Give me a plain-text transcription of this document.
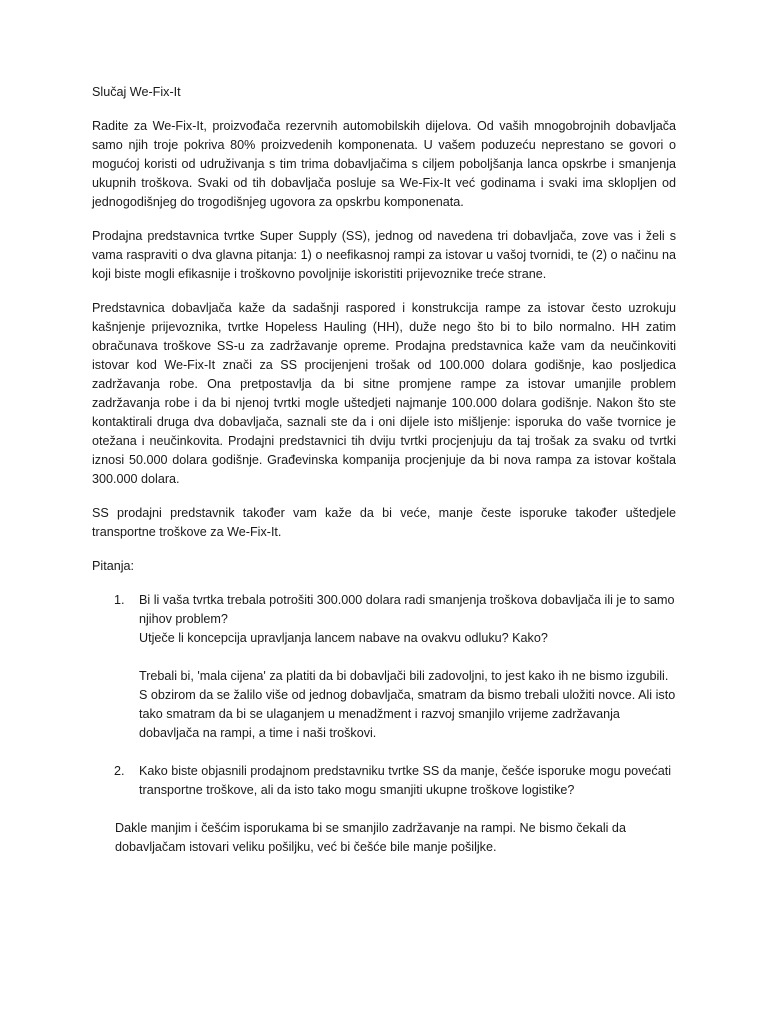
Slučaj We-Fix-It

Radite za We-Fix-It, proizvođača rezervnih automobilskih dijelova. Od vaših mnogobrojnih dobavljača samo njih troje pokriva 80% proizvedenih komponenata. U vašem poduzeću neprestano se govori o mogućoj koristi od udruživanja s tim trima dobavljačima s ciljem poboljšanja lanca opskrbe i smanjenja ukupnih troškova. Svaki od tih dobavljača posluje sa We-Fix-It već godinama i svaki ima sklopljen od jednogodišnjeg do trogodišnjeg ugovora za opskrbu komponenata.

Prodajna predstavnica tvrtke Super Supply (SS), jednog od navedena tri dobavljača, zove vas i želi s vama raspraviti o dva glavna pitanja: 1) o neefikasnoj rampi za istovar u vašoj tvornidi, te (2) o načinu na koji biste mogli efikasnije i troškovno povoljnije iskoristiti prijevoznike treće strane.

Predstavnica dobavljača kaže da sadašnji raspored i konstrukcija rampe za istovar često uzrokuju kašnjenje prijevoznika, tvrtke Hopeless Hauling (HH), duže nego što bi to bilo normalno. HH zatim obračunava troškove SS-u za zadržavanje opreme. Prodajna predstavnica kaže vam da neučinkoviti istovar kod We-Fix-It znači za SS procijenjeni trošak od 100.000 dolara godišnje, kao posljedica zadržavanja robe. Ona pretpostavlja da bi sitne promjene rampe za istovar umanjile problem zadržavanja robe i da bi njenoj tvrtki mogle uštedjeti najmanje 100.000 dolara godišnje. Nakon što ste kontaktirali druga dva dobavljača, saznali ste da i oni dijele isto mišljenje: isporuka do vaše tvornice je otežana i neučinkovita. Prodajni predstavnici tih dviju tvrtki procjenjuju da taj trošak za svaku od tvrtki iznosi 50.000 dolara godišnje. Građevinska kompanija procjenjuje da bi nova rampa za istovar koštala 300.000 dolara.

SS prodajni predstavnik također vam kaže da bi veće, manje česte isporuke također uštedjele transportne troškove za We-Fix-It.

Pitanja:
1. Bi li vaša tvrtka trebala potrošiti 300.000 dolara radi smanjenja troškova dobavljača ili je to samo njihov problem?
Utječe li koncepcija upravljanja lancem nabave na ovakvu odluku? Kako?
Trebali bi, 'mala cijena' za platiti da bi dobavljači bili zadovoljni, to jest kako ih ne bismo izgubili. S obzirom da se žalilo više od jednog dobavljača, smatram da bismo trebali uložiti novce. Ali isto tako smatram da bi se ulaganjem u menadžment i razvoj smanjilo vrijeme zadržavanja dobavljača na rampi, a time i naši troškovi.
2. Kako biste objasnili prodajnom predstavniku tvrtke SS da manje, češće isporuke mogu povećati transportne troškove, ali da isto tako mogu smanjiti ukupne troškove logistike?

Dakle manjim i češćim isporukama bi se smanjilo zadržavanje na rampi. Ne bismo čekali da dobavljačam istovari veliku pošiljku, već bi češće bile manje pošiljke.
